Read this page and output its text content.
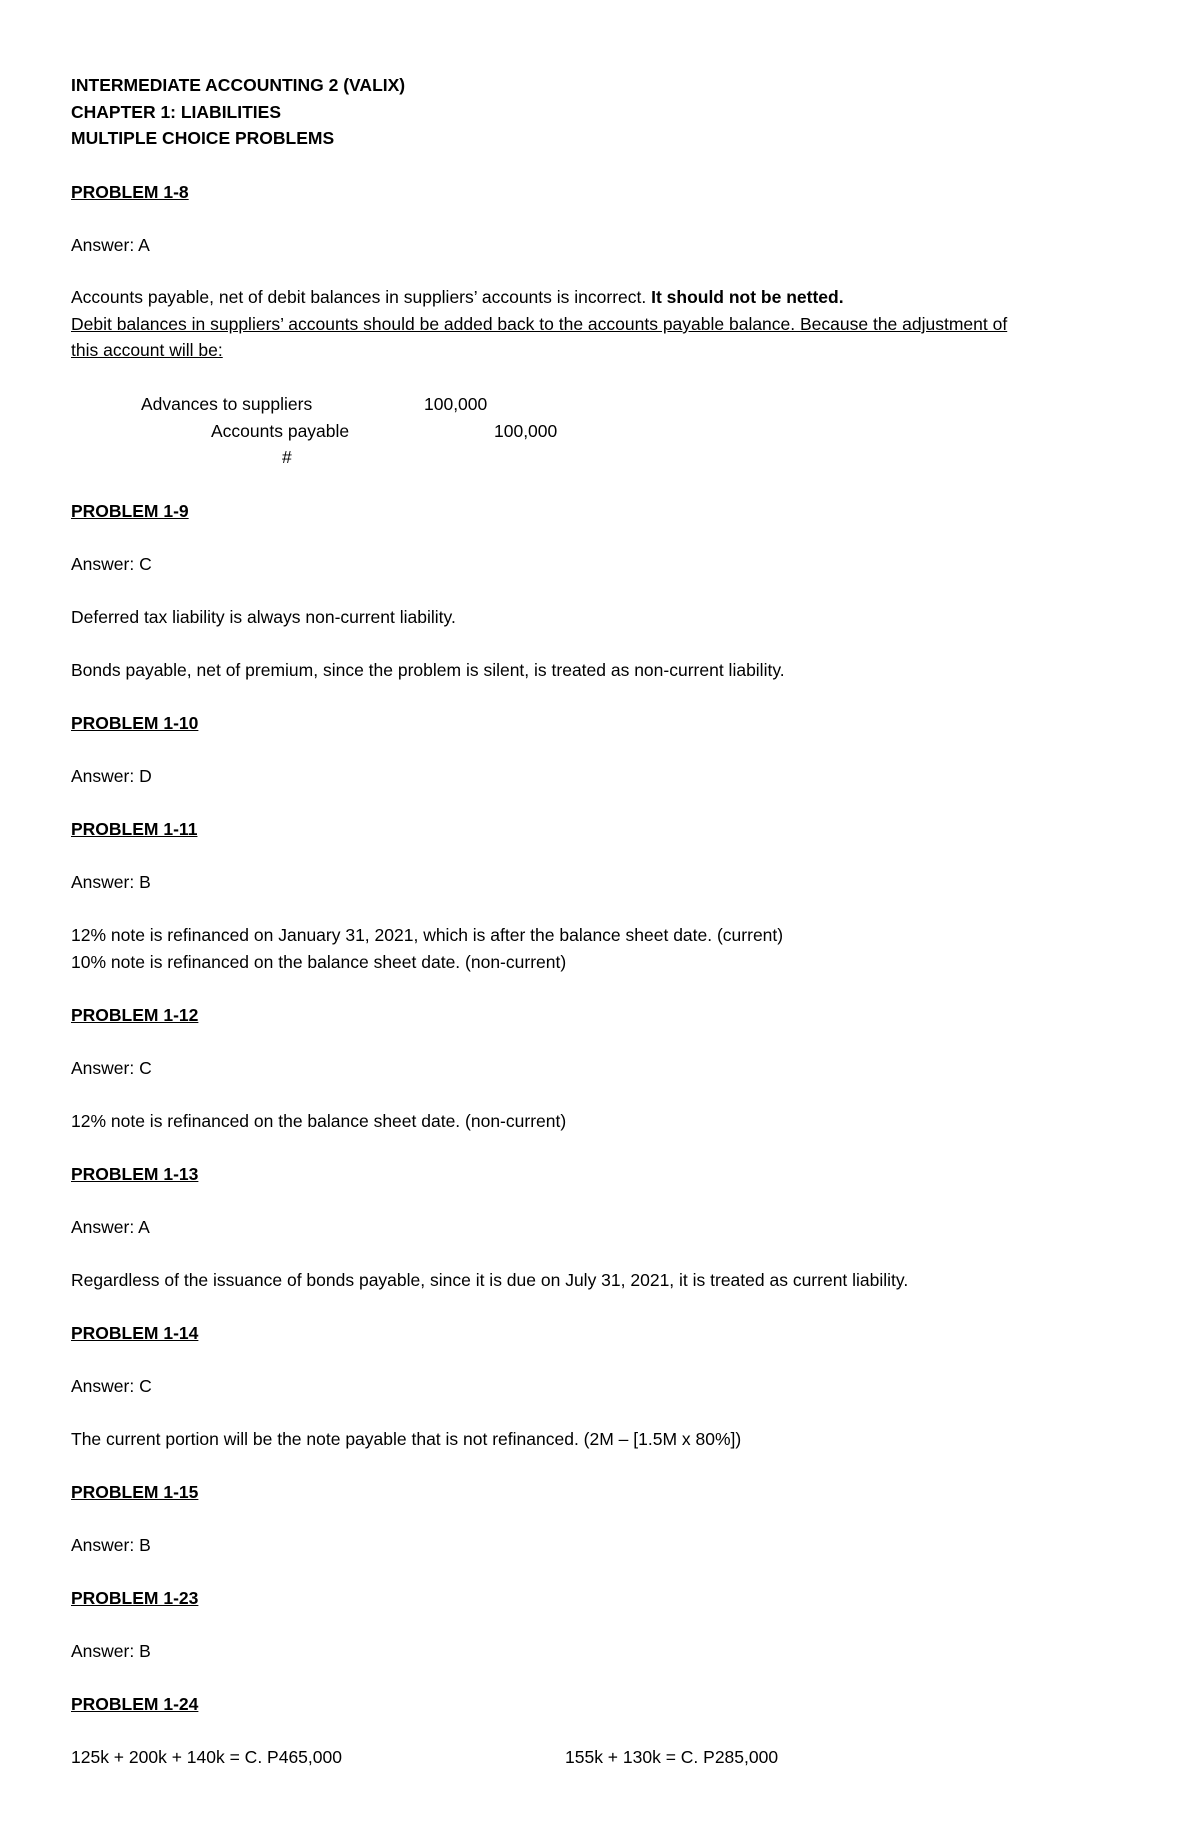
INTERMEDIATE ACCOUNTING 2 (VALIX)
CHAPTER 1: LIABILITIES
MULTIPLE CHOICE PROBLEMS
PROBLEM 1-8
Answer: A
Accounts payable, net of debit balances in suppliers’ accounts is incorrect. It should not be netted.
Debit balances in suppliers’ accounts should be added back to the accounts payable balance. Because the adjustment of
this account will be:
Advances to suppliers	100,000
Accounts payable	100,000
#
PROBLEM 1-9
Answer: C
Deferred tax liability is always non-current liability.
Bonds payable, net of premium, since the problem is silent, is treated as non-current liability.
PROBLEM 1-10
Answer: D
PROBLEM 1-11
Answer: B
12% note is refinanced on January 31, 2021, which is after the balance sheet date. (current)
10% note is refinanced on the balance sheet date. (non-current)
PROBLEM 1-12
Answer: C
12% note is refinanced on the balance sheet date. (non-current)
PROBLEM 1-13
Answer: A
Regardless of the issuance of bonds payable, since it is due on July 31, 2021, it is treated as current liability.
PROBLEM 1-14
Answer: C
The current portion will be the note payable that is not refinanced. (2M – [1.5M x 80%])
PROBLEM 1-15
Answer: B
PROBLEM 1-23
Answer: B
PROBLEM 1-24
125k + 200k + 140k = C. P465,000	155k + 130k = C. P285,000
